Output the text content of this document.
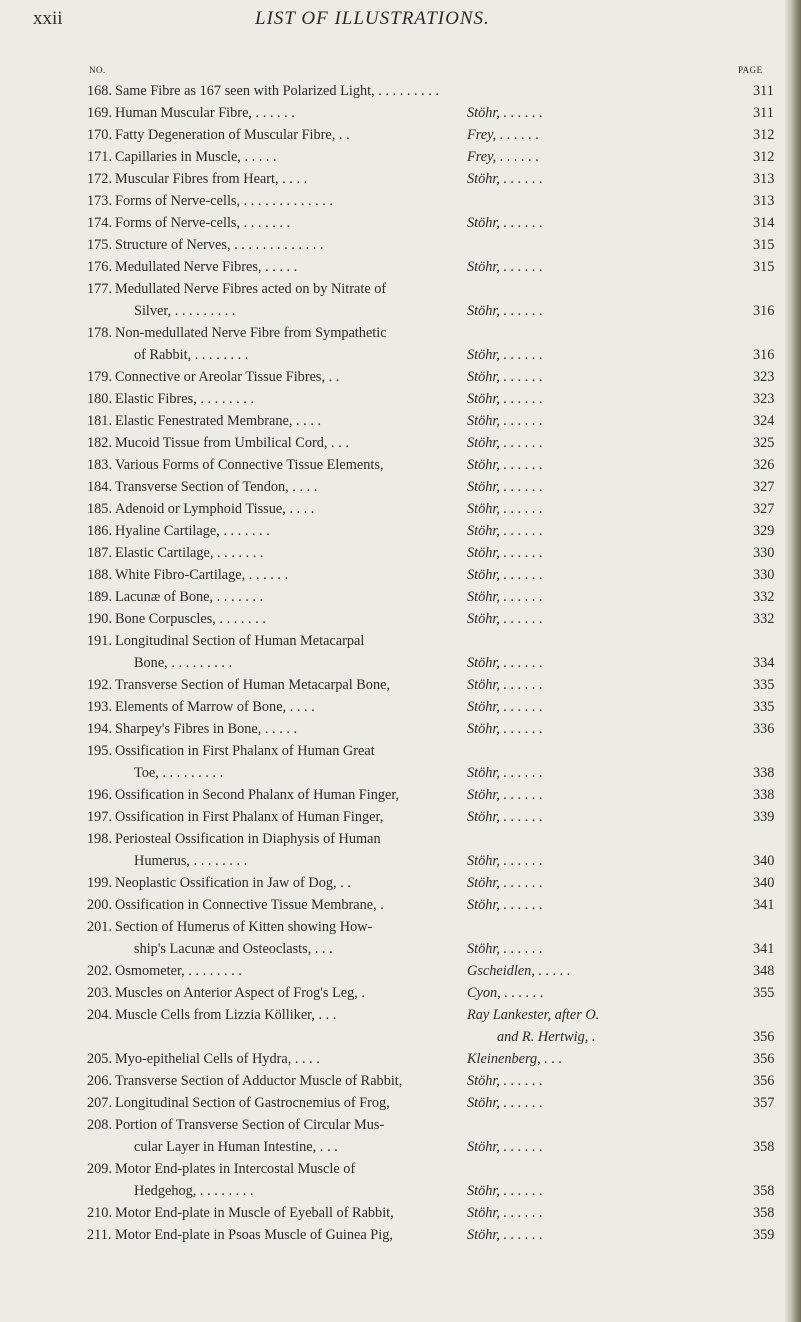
xxii	LIST OF ILLUSTRATIONS.
NO.	PAGE
168. Same Fibre as 167 seen with Polarized Light, . . . . . . . . .	311
169. Human Muscular Fibre, . . . . . .	Stöhr, . . . . . .	311
170. Fatty Degeneration of Muscular Fibre, . .	Frey, . . . . . .	312
171. Capillaries in Muscle, . . . . .	Frey, . . . . . .	312
172. Muscular Fibres from Heart, . . . .	Stöhr, . . . . . .	313
173. Forms of Nerve-cells, . . . . . . . . . . . . .	313
174. Forms of Nerve-cells, . . . . . . .	Stöhr, . . . . . .	314
175. Structure of Nerves, . . . . . . . . . . . . .	315
176. Medullated Nerve Fibres, . . . . .	Stöhr, . . . . . .	315
177. Medullated Nerve Fibres acted on by Nitrate of
Silver, . . . . . . . . .	Stöhr, . . . . . .	316
178. Non-medullated Nerve Fibre from Sympathetic
of Rabbit, . . . . . . . .	Stöhr, . . . . . .	316
179. Connective or Areolar Tissue Fibres, . .	Stöhr, . . . . . .	323
180. Elastic Fibres, . . . . . . . .	Stöhr, . . . . . .	323
181. Elastic Fenestrated Membrane, . . . .	Stöhr, . . . . . .	324
182. Mucoid Tissue from Umbilical Cord, . . .	Stöhr, . . . . . .	325
183. Various Forms of Connective Tissue Elements,	Stöhr, . . . . . .	326
184. Transverse Section of Tendon, . . . .	Stöhr, . . . . . .	327
185. Adenoid or Lymphoid Tissue, . . . .	Stöhr, . . . . . .	327
186. Hyaline Cartilage, . . . . . . .	Stöhr, . . . . . .	329
187. Elastic Cartilage, . . . . . . .	Stöhr, . . . . . .	330
188. White Fibro-Cartilage, . . . . . .	Stöhr, . . . . . .	330
189. Lacunæ of Bone, . . . . . . .	Stöhr, . . . . . .	332
190. Bone Corpuscles, . . . . . . .	Stöhr, . . . . . .	332
191. Longitudinal Section of Human Metacarpal
Bone, . . . . . . . . .	Stöhr, . . . . . .	334
192. Transverse Section of Human Metacarpal Bone,	Stöhr, . . . . . .	335
193. Elements of Marrow of Bone, . . . .	Stöhr, . . . . . .	335
194. Sharpey's Fibres in Bone, . . . . .	Stöhr, . . . . . .	336
195. Ossification in First Phalanx of Human Great
Toe, . . . . . . . . .	Stöhr, . . . . . .	338
196. Ossification in Second Phalanx of Human Finger,	Stöhr, . . . . . .	338
197. Ossification in First Phalanx of Human Finger,	Stöhr, . . . . . .	339
198. Periosteal Ossification in Diaphysis of Human
Humerus, . . . . . . . .	Stöhr, . . . . . .	340
199. Neoplastic Ossification in Jaw of Dog, . .	Stöhr, . . . . . .	340
200. Ossification in Connective Tissue Membrane, .	Stöhr, . . . . . .	341
201. Section of Humerus of Kitten showing How-
ship's Lacunæ and Osteoclasts, . . .	Stöhr, . . . . . .	341
202. Osmometer, . . . . . . . .	Gscheidlen, . . . . .	348
203. Muscles on Anterior Aspect of Frog's Leg, .	Cyon, . . . . . .	355
204. Muscle Cells from Lizzia Kölliker, . . .	Ray Lankester, after O.
and R. Hertwig, .	356
205. Myo-epithelial Cells of Hydra, . . . .	Kleinenberg, . . .	356
206. Transverse Section of Adductor Muscle of Rabbit,	Stöhr, . . . . . .	356
207. Longitudinal Section of Gastrocnemius of Frog,	Stöhr, . . . . . .	357
208. Portion of Transverse Section of Circular Mus-
cular Layer in Human Intestine, . . .	Stöhr, . . . . . .	358
209. Motor End-plates in Intercostal Muscle of
Hedgehog, . . . . . . . .	Stöhr, . . . . . .	358
210. Motor End-plate in Muscle of Eyeball of Rabbit,	Stöhr, . . . . . .	358
211. Motor End-plate in Psoas Muscle of Guinea Pig,	Stöhr, . . . . . .	359
